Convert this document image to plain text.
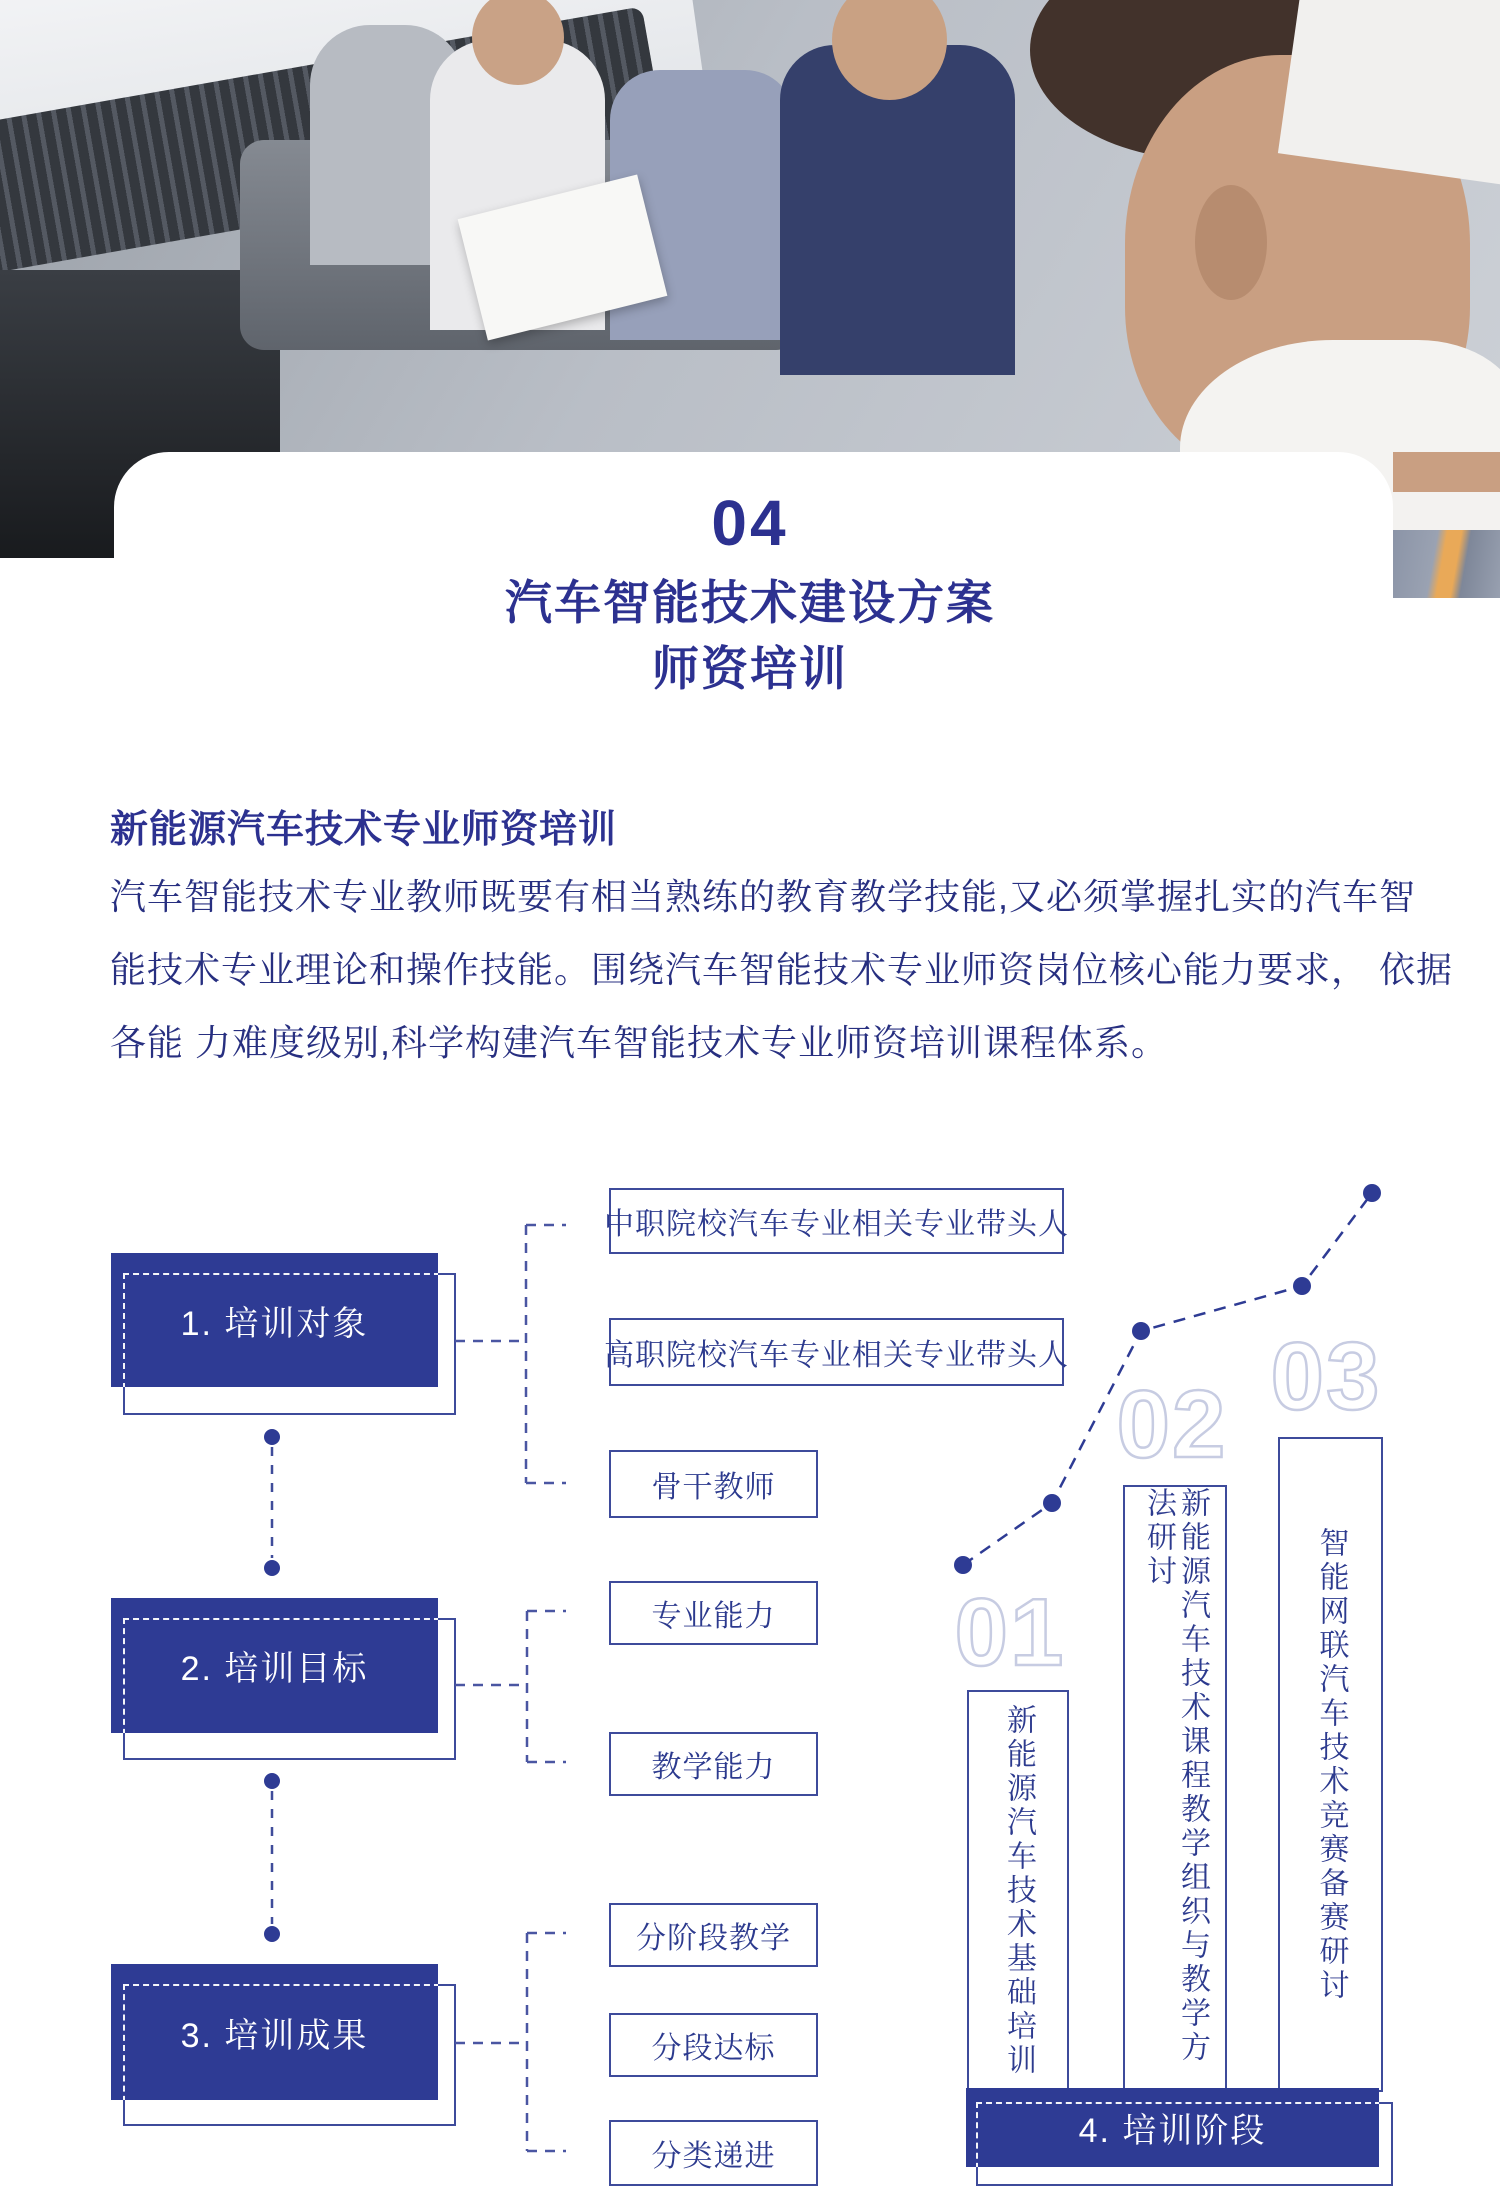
04
汽车智能技术建设方案
师资培训
新能源汽车技术专业师资培训
汽车智能技术专业教师既要有相当熟练的教育教学技能,又必须掌握扎实的汽车智
能技术专业理论和操作技能。围绕汽车智能技术专业师资岗位核心能力要求， 依据
各能 力难度级别,科学构建汽车智能技术专业师资培训课程体系。
1. 培训对象
2. 培训目标
3. 培训成果
中职院校汽车专业相关专业带头人
高职院校汽车专业相关专业带头人
骨干教师
专业能力
教学能力
分阶段教学
分段达标
分类递进
01
02 03
新能源汽车技术基础培训	新能源汽车技术课程教学组织与教学方法研讨	智能网联汽车技术竞赛备赛研讨
4. 培训阶段
